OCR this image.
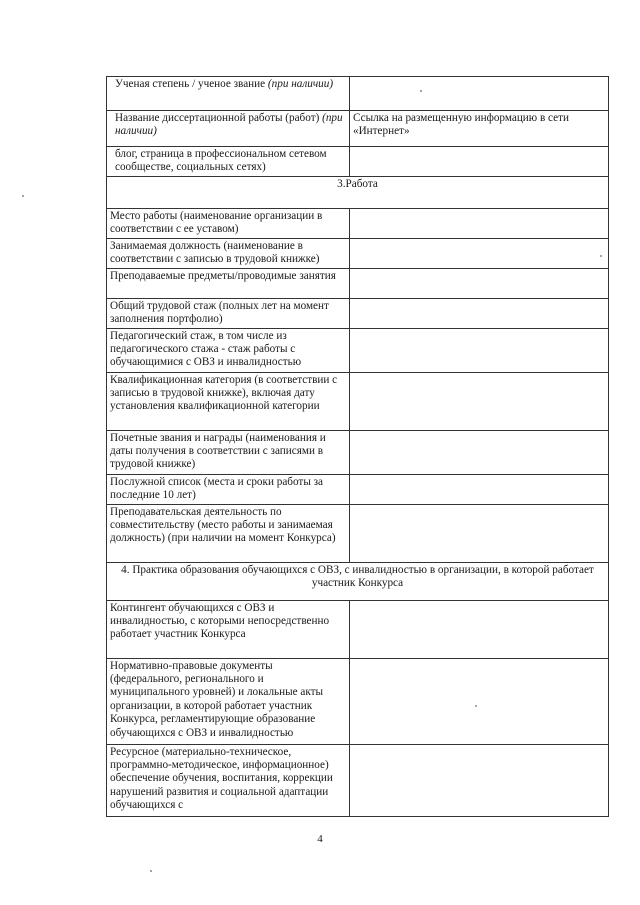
Ученая степень / ученое звание (при наличии)	
Название диссертационной работы (работ) (при наличии)	Ссылка на размещенную информацию в сети «Интернет»
блог, страница в профессиональном сетевом сообществе, социальных сетях)	
3.Работа	
Место работы (наименование организации в соответствии с ее уставом)	
Занимаемая должность (наименование в соответствии с записью в трудовой книжке)	
Преподаваемые предметы/проводимые занятия	
Общий трудовой стаж (полных лет на момент заполнения портфолио)	
Педагогический стаж, в том числе из педагогического стажа - стаж работы с обучающимися с ОВЗ и инвалидностью	
Квалификационная категория (в соответствии с записью в трудовой книжке), включая дату установления квалификационной категории	
Почетные звания и награды (наименования и даты получения в соответствии с записями в трудовой книжке)	
Послужной список (места и сроки работы за последние 10 лет)	
Преподавательская деятельность по совместительству (место работы и занимаемая должность) (при наличии на момент Конкурса)	
4. Практика образования обучающихся с ОВЗ, с инвалидностью в организации, в которой работает участник Конкурса	
Контингент обучающихся с ОВЗ и инвалидностью, с которыми непосредственно работает участник Конкурса	
Нормативно-правовые документы (федерального, регионального и муниципального уровней) и локальные акты организации, в которой работает участник Конкурса, регламентирующие образование обучающихся с ОВЗ и инвалидностью	
Ресурсное (материально-техническое, программно-методическое, информационное) обеспечение обучения, воспитания, коррекции нарушений развития и социальной адаптации обучающихся с	
4
